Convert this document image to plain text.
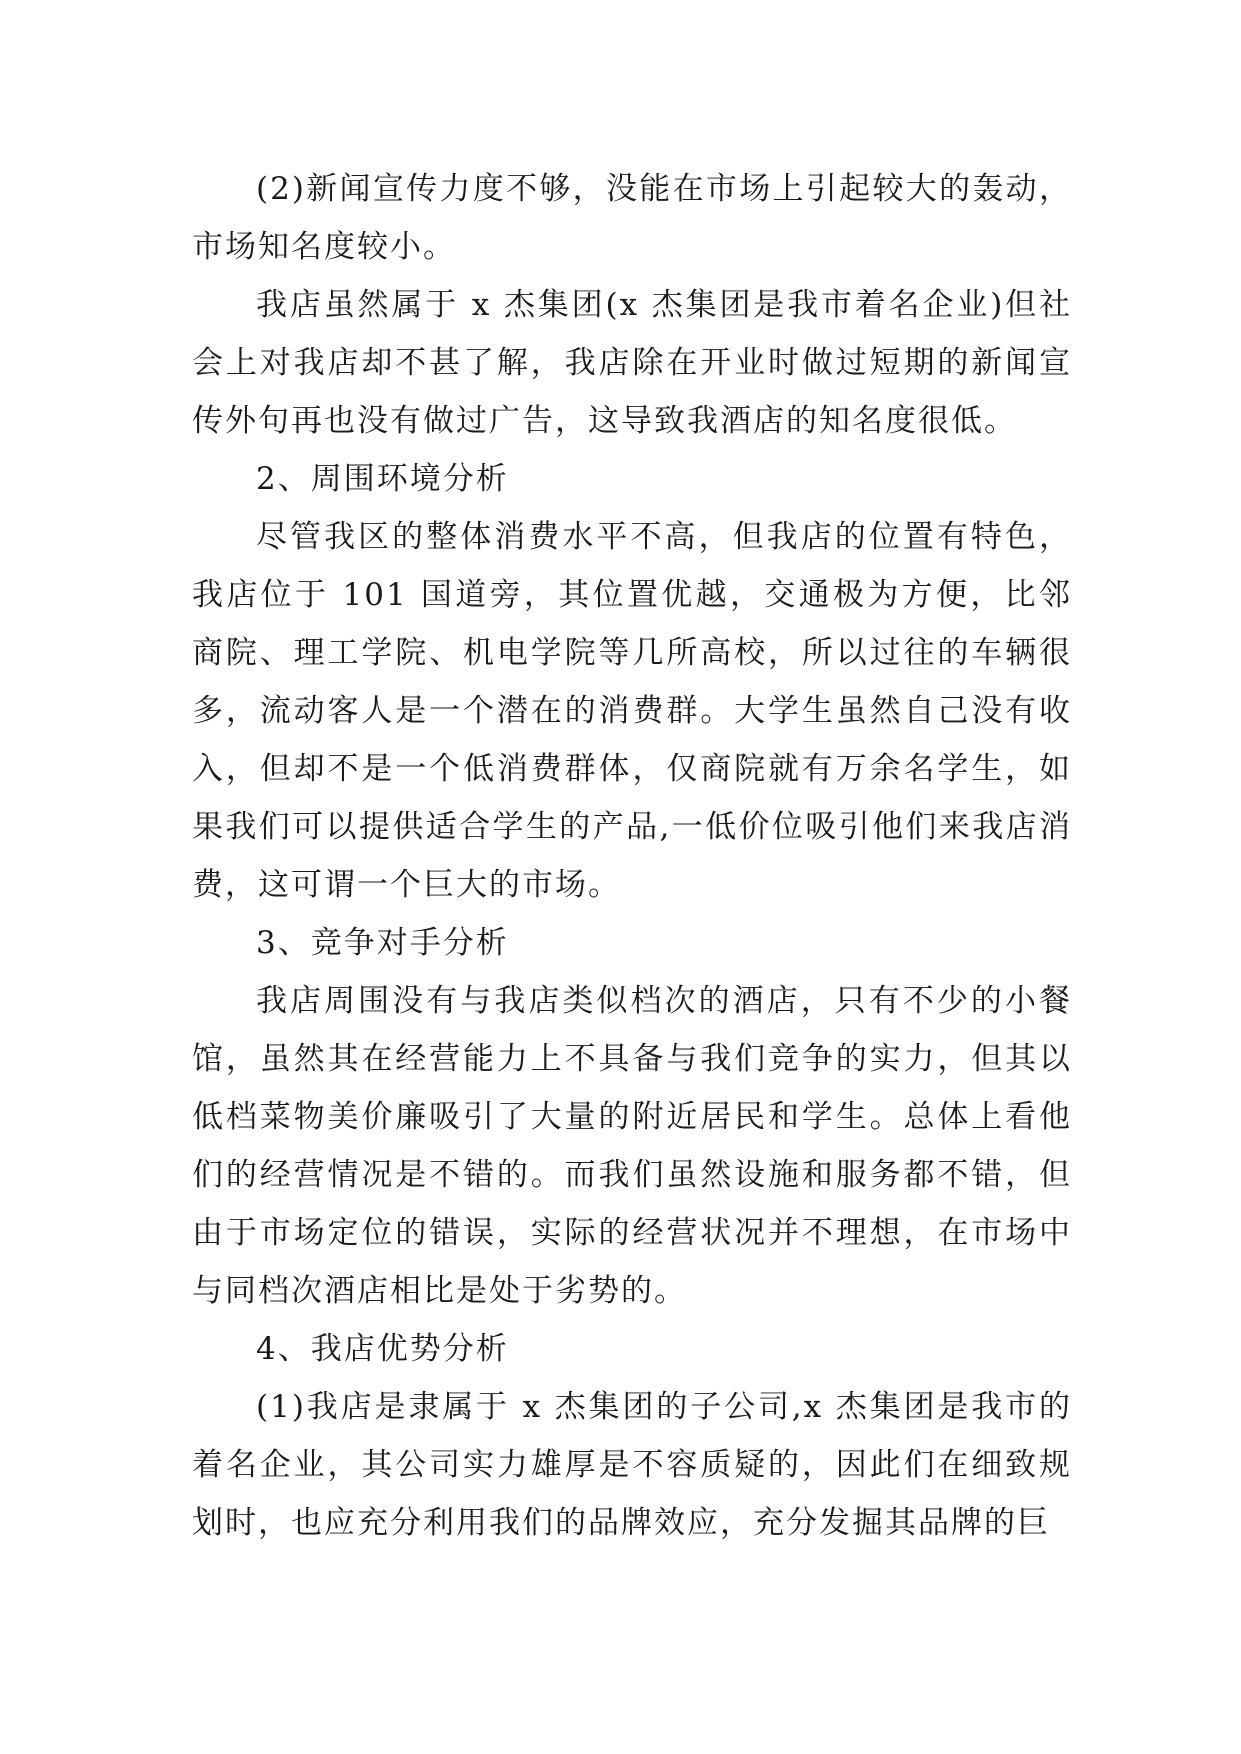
(2)新闻宣传力度不够，没能在市场上引起较大的轰动，市场知名度较小。

我店虽然属于 x 杰集团(x 杰集团是我市着名企业)但社会上对我店却不甚了解，我店除在开业时做过短期的新闻宣传外句再也没有做过广告，这导致我酒店的知名度很低。

2、周围环境分析

尽管我区的整体消费水平不高，但我店的位置有特色，我店位于 101 国道旁，其位置优越，交通极为方便，比邻商院、理工学院、机电学院等几所高校，所以过往的车辆很多，流动客人是一个潜在的消费群。大学生虽然自己没有收入，但却不是一个低消费群体，仅商院就有万余名学生，如果我们可以提供适合学生的产品,一低价位吸引他们来我店消费，这可谓一个巨大的市场。

3、竞争对手分析

我店周围没有与我店类似档次的酒店，只有不少的小餐馆，虽然其在经营能力上不具备与我们竞争的实力，但其以低档菜物美价廉吸引了大量的附近居民和学生。总体上看他们的经营情况是不错的。而我们虽然设施和服务都不错，但由于市场定位的错误，实际的经营状况并不理想，在市场中与同档次酒店相比是处于劣势的。

4、我店优势分析

(1)我店是隶属于 x 杰集团的子公司,x 杰集团是我市的着名企业，其公司实力雄厚是不容质疑的，因此们在细致规划时，也应充分利用我们的品牌效应，充分发掘其品牌的巨
